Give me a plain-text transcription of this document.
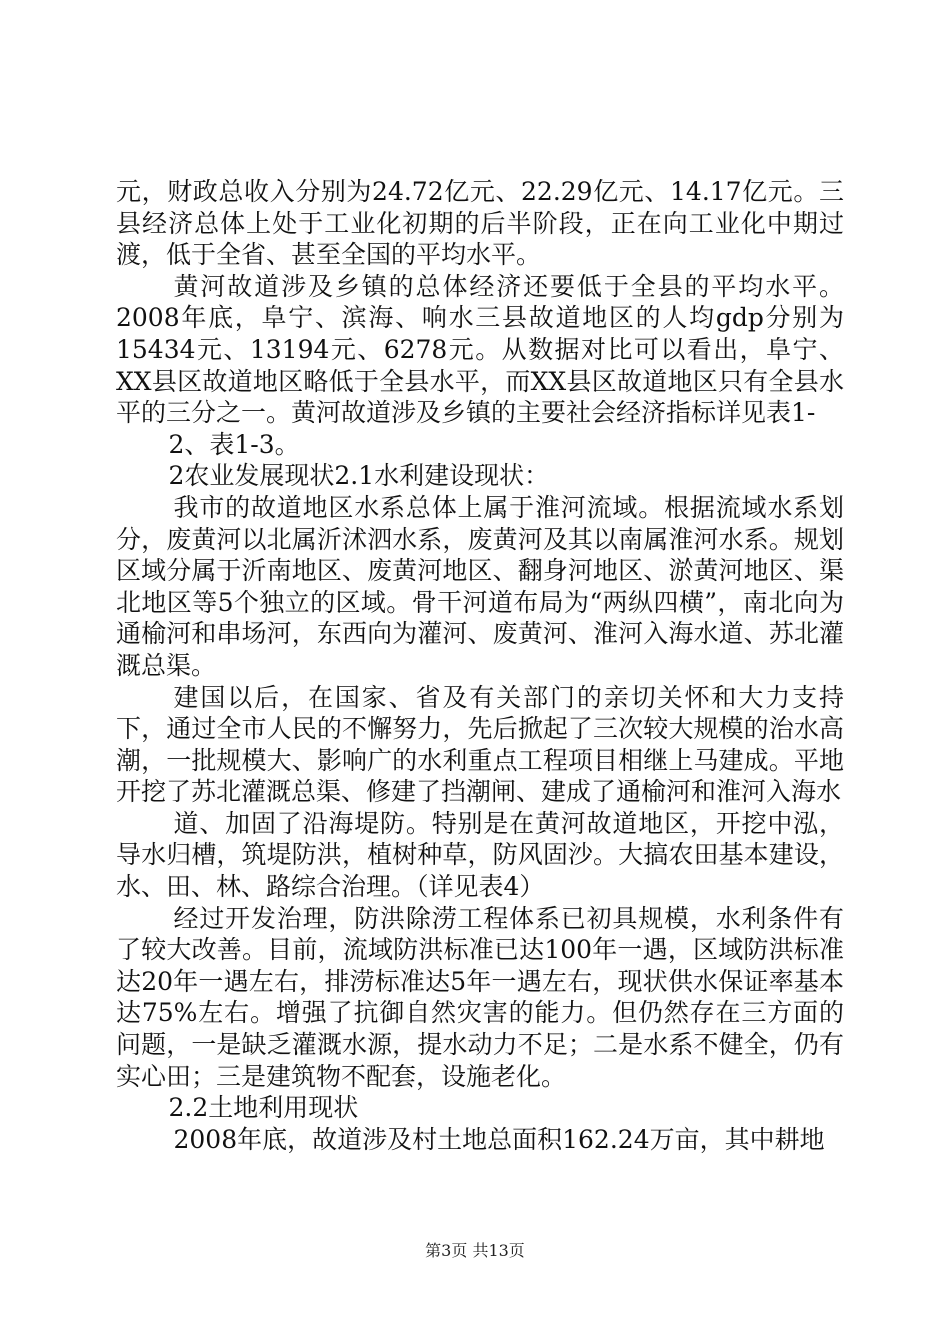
元，财政总收入分别为24.72亿元、22.29亿元、14.17亿元。三县经济总体上处于工业化初期的后半阶段，正在向工业化中期过渡，低于全省、甚至全国的平均水平。

黄河故道涉及乡镇的总体经济还要低于全县的平均水平。2008年底，阜宁、滨海、响水三县故道地区的人均gdp分别为15434元、13194元、6278元。从数据对比可以看出，阜宁、XX县区故道地区略低于全县水平，而XX县区故道地区只有全县水平的三分之一。黄河故道涉及乡镇的主要社会经济指标详见表1-

2、表1-3。

2农业发展现状2.1水利建设现状：

我市的故道地区水系总体上属于淮河流域。根据流域水系划分，废黄河以北属沂沭泗水系，废黄河及其以南属淮河水系。规划区域分属于沂南地区、废黄河地区、翻身河地区、淤黄河地区、渠北地区等5个独立的区域。骨干河道布局为“两纵四横”，南北向为通榆河和串场河，东西向为灌河、废黄河、淮河入海水道、苏北灌溉总渠。

建国以后，在国家、省及有关部门的亲切关怀和大力支持下，通过全市人民的不懈努力，先后掀起了三次较大规模的治水高潮，一批规模大、影响广的水利重点工程项目相继上马建成。平地开挖了苏北灌溉总渠、修建了挡潮闸、建成了通榆河和淮河入海水

道、加固了沿海堤防。特别是在黄河故道地区，开挖中泓，导水归槽，筑堤防洪，植树种草，防风固沙。大搞农田基本建设，水、田、林、路综合治理。（详见表4）

经过开发治理，防洪除涝工程体系已初具规模，水利条件有了较大改善。目前，流域防洪标准已达100年一遇，区域防洪标准达20年一遇左右，排涝标准达5年一遇左右，现状供水保证率基本达75%左右。增强了抗御自然灾害的能力。但仍然存在三方面的问题，一是缺乏灌溉水源，提水动力不足；二是水系不健全，仍有实心田；三是建筑物不配套，设施老化。

2.2土地利用现状

2008年底，故道涉及村土地总面积162.24万亩，其中耕地

第3页 共13页
